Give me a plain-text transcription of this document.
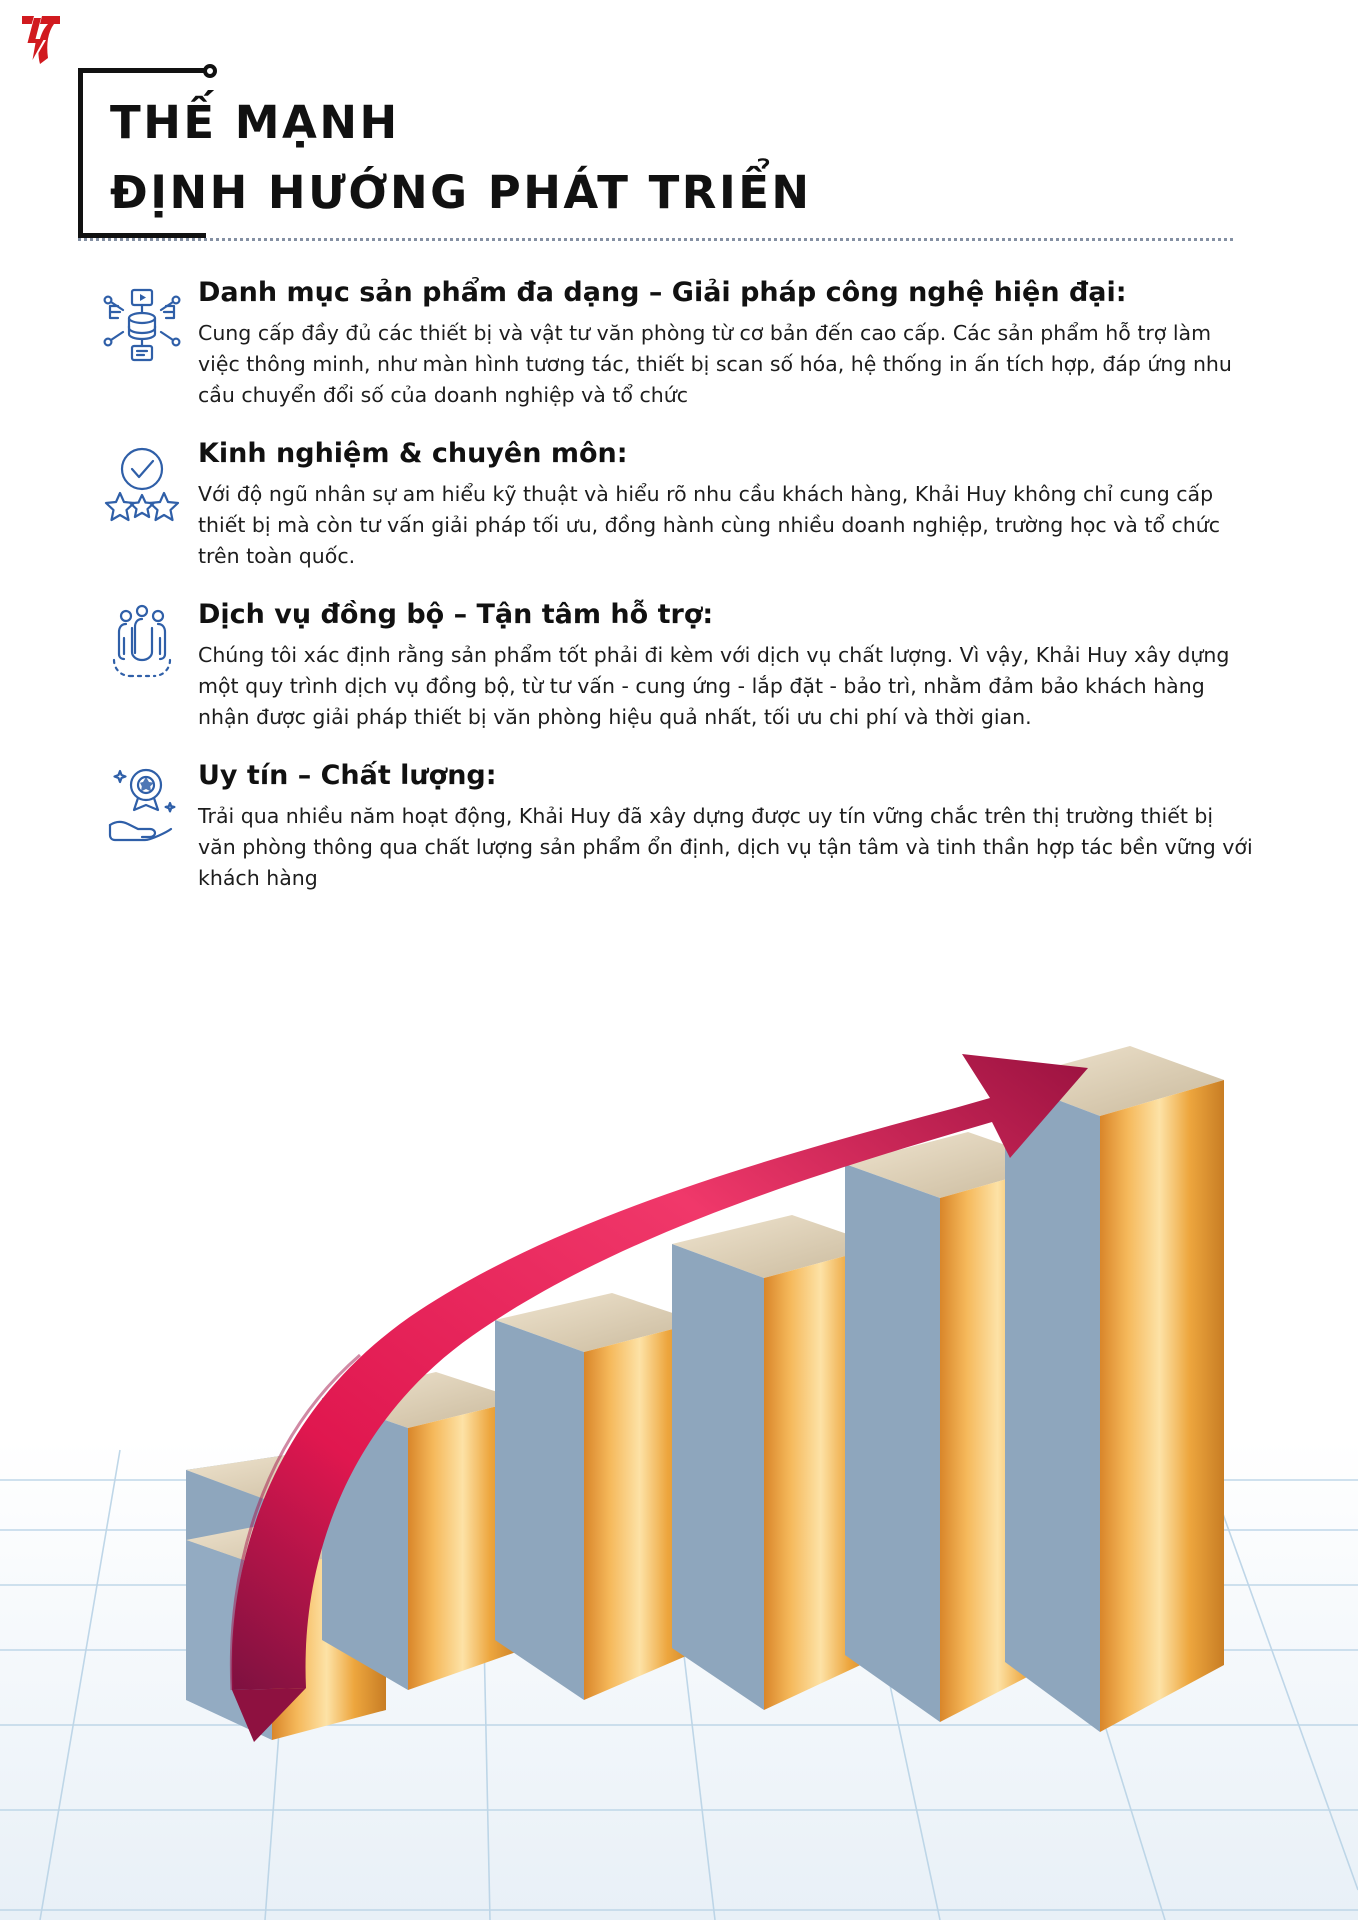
THẾ MẠNH
ĐỊNH HƯỚNG PHÁT TRIỂN
Danh mục sản phẩm đa dạng – Giải pháp công nghệ hiện đại:
Cung cấp đầy đủ các thiết bị và vật tư văn phòng từ cơ bản đến cao cấp. Các sản phẩm hỗ trợ làm việc thông minh, như màn hình tương tác, thiết bị scan số hóa, hệ thống in ấn tích hợp, đáp ứng nhu cầu chuyển đổi số của doanh nghiệp và tổ chức
Kinh nghiệm & chuyên môn:
Với độ ngũ nhân sự am hiểu kỹ thuật và hiểu rõ nhu cầu khách hàng, Khải Huy không chỉ cung cấp thiết bị mà còn tư vấn giải pháp tối ưu, đồng hành cùng nhiều doanh nghiệp, trường học và tổ chức trên toàn quốc.
Dịch vụ đồng bộ – Tận tâm hỗ trợ:
Chúng tôi xác định rằng sản phẩm tốt phải đi kèm với dịch vụ chất lượng. Vì vậy, Khải Huy xây dựng một quy trình dịch vụ đồng bộ, từ tư vấn - cung ứng - lắp đặt - bảo trì, nhằm đảm bảo khách hàng nhận được giải pháp thiết bị văn phòng hiệu quả nhất, tối ưu chi phí và thời gian.
Uy tín – Chất lượng:
Trải qua nhiều năm hoạt động, Khải Huy đã xây dựng được uy tín vững chắc trên thị trường thiết bị văn phòng thông qua chất lượng sản phẩm ổn định, dịch vụ tận tâm và tinh thần hợp tác bền vững với khách hàng
